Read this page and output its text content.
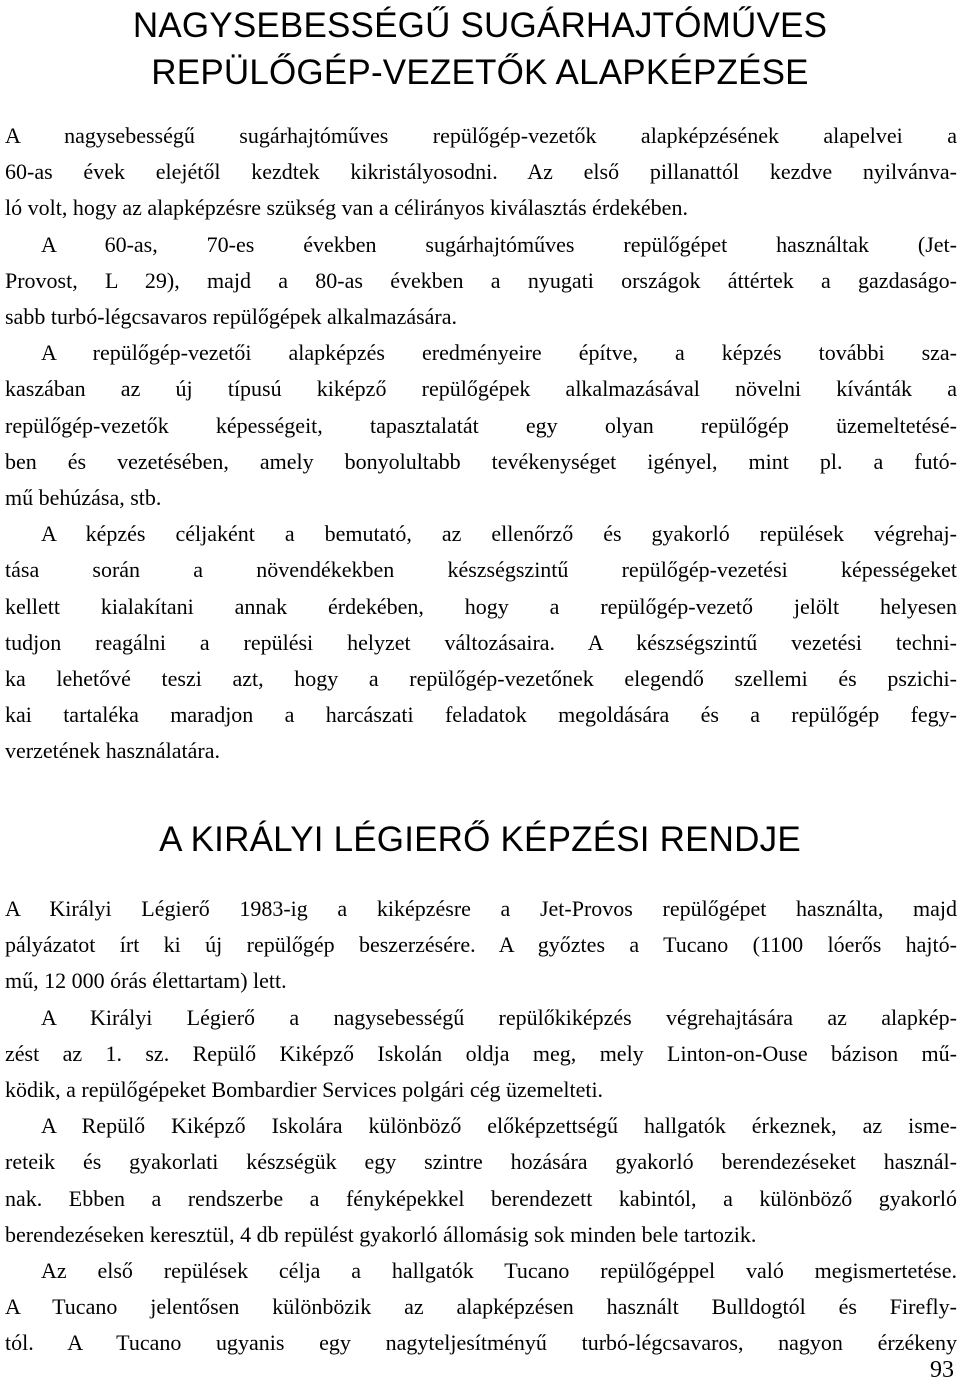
NAGYSEBESSÉGŰ SUGÁRHAJTÓMŰVES
REPÜLŐGÉP-VEZETŐK ALAPKÉPZÉSE

A nagysebességű sugárhajtóműves repülőgép-vezetők alapképzésének alapelvei a
60-as évek elejétől kezdtek kikristályosodni. Az első pillanattól kezdve nyilvánva-
ló volt, hogy az alapképzésre szükség van a célirányos kiválasztás érdekében.

A 60-as, 70-es években sugárhajtóműves repülőgépet használtak (Jet-
Provost, L 29), majd a 80-as években a nyugati országok áttértek a gazdaságo-
sabb turbó-légcsavaros repülőgépek alkalmazására.

A repülőgép-vezetői alapképzés eredményeire építve, a képzés további sza-
kaszában az új típusú kiképző repülőgépek alkalmazásával növelni kívánták a
repülőgép-vezetők képességeit, tapasztalatát egy olyan repülőgép üzemeltetésé-
ben és vezetésében, amely bonyolultabb tevékenységet igényel, mint pl. a futó-
mű behúzása, stb.

A képzés céljaként a bemutató, az ellenőrző és gyakorló repülések végrehaj-
tása során a növendékekben készségszintű repülőgép-vezetési képességeket
kellett kialakítani annak érdekében, hogy a repülőgép-vezető jelölt helyesen
tudjon reagálni a repülési helyzet változásaira. A készségszintű vezetési techni-
ka lehetővé teszi azt, hogy a repülőgép-vezetőnek elegendő szellemi és pszichi-
kai tartaléka maradjon a harcászati feladatok megoldására és a repülőgép fegy-
verzetének használatára.

A KIRÁLYI LÉGIERŐ KÉPZÉSI RENDJE

A Királyi Légierő 1983-ig a kiképzésre a Jet-Provos repülőgépet használta, majd
pályázatot írt ki új repülőgép beszerzésére. A győztes a Tucano (1100 lóerős hajtó-
mű, 12 000 órás élettartam) lett.

A Királyi Légierő a nagysebességű repülőkiképzés végrehajtására az alapkép-
zést az 1. sz. Repülő Kiképző Iskolán oldja meg, mely Linton-on-Ouse bázison mű-
ködik, a repülőgépeket Bombardier Services polgári cég üzemelteti.

A Repülő Kiképző Iskolára különböző előképzettségű hallgatók érkeznek, az isme-
reteik és gyakorlati készségük egy szintre hozására gyakorló berendezéseket használ-
nak. Ebben a rendszerbe a fényképekkel berendezett kabintól, a különböző gyakorló
berendezéseken keresztül, 4 db repülést gyakorló állomásig sok minden bele tartozik.

Az első repülések célja a hallgatók Tucano repülőgéppel való megismertetése.
A Tucano jelentősen különbözik az alapképzésen használt Bulldogtól és Firefly-
tól. A Tucano ugyanis egy nagyteljesítményű turbó-légcsavaros, nagyon érzékeny

93
